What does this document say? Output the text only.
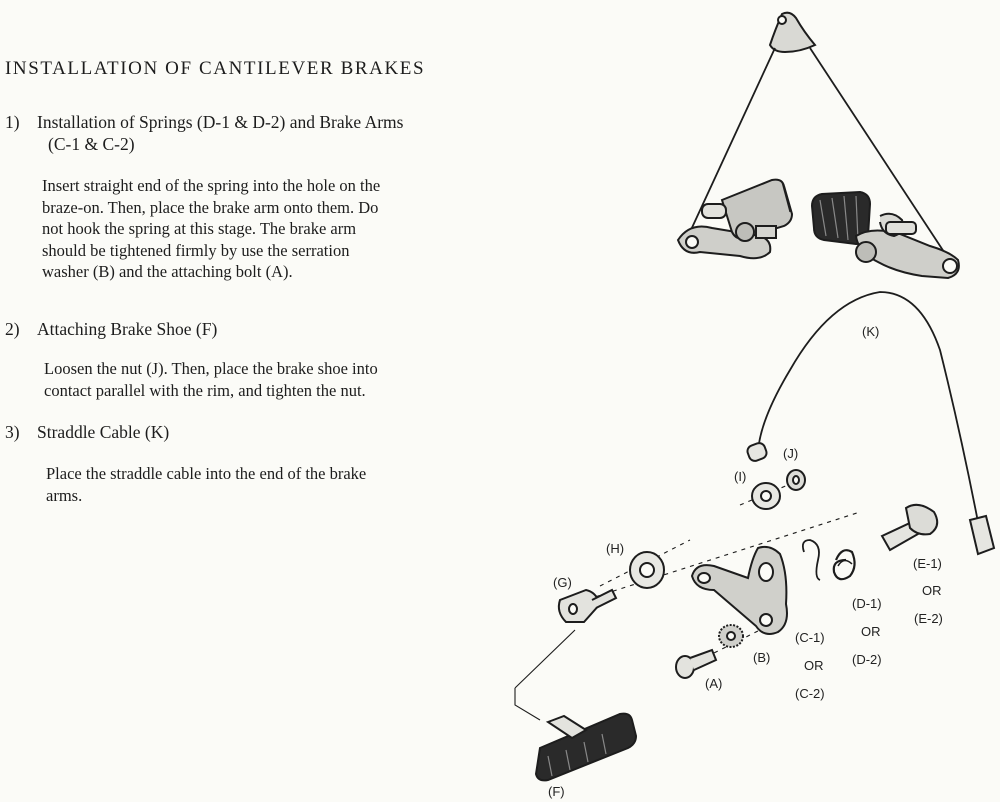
INSTALLATION OF CANTILEVER BRAKES
1) Installation of Springs (D-1 & D-2) and Brake Arms
(C-1 & C-2)

Insert straight end of the spring into the hole on the
braze-on. Then, place the brake arm onto them. Do
not hook the spring at this stage. The brake arm
should be tightened firmly by use the serration
washer (B) and the attaching bolt (A).

2) Attaching Brake Shoe (F)

Loosen the nut (J). Then, place the brake shoe into
contact parallel with the rim, and tighten the nut.

3) Straddle Cable (K)

Place the straddle cable into the end of the brake
arms.

(K)
(I)
(J)
(H)
(G)
(E-1)
OR
(E-2)
(D-1)
OR
(D-2)
(C-1)
OR
(C-2)
(B)
(A)
(F)
